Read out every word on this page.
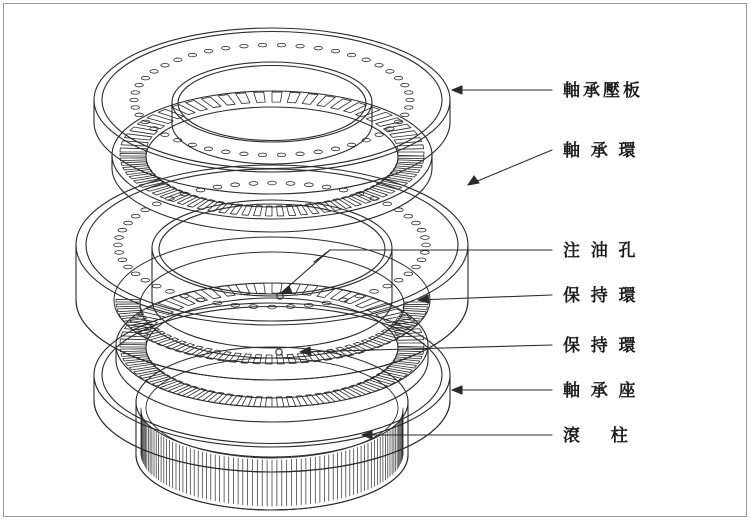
軸承壓板
軸 承 環
注 油 孔
保 持 環
保 持 環
軸 承 座
滾 柱
